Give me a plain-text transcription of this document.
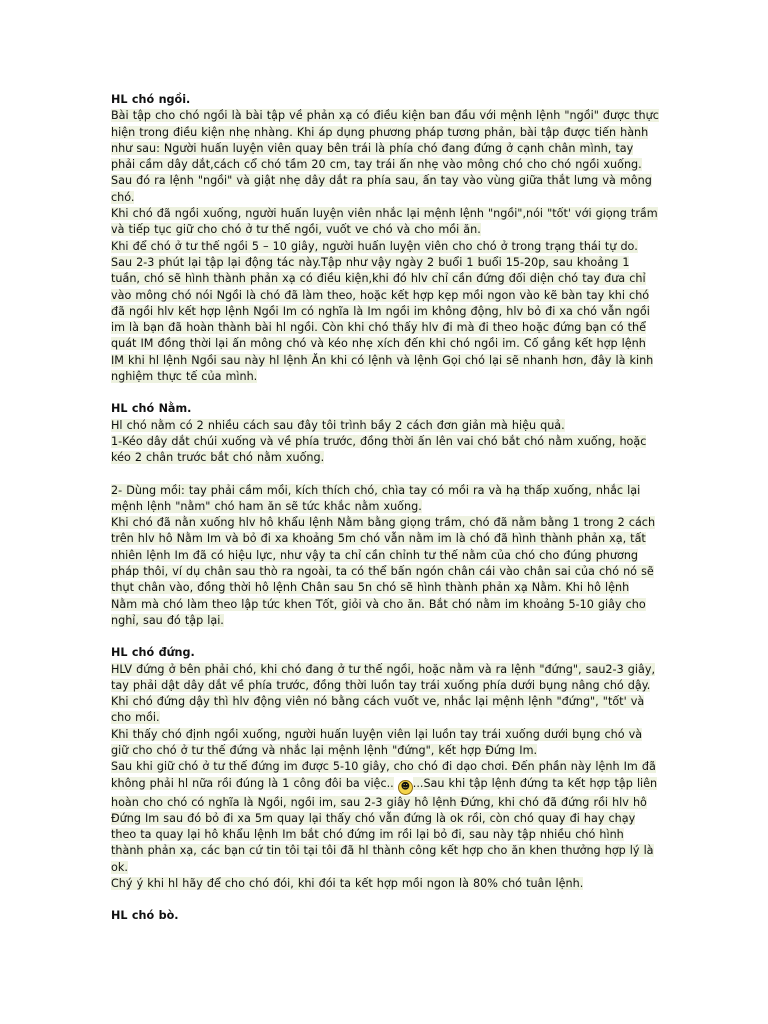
HL chó ngồi.
Bài tập cho chó ngồi là bài tập về phản xạ có điều kiện ban đầu với mệnh lệnh "ngồi" được thực hiện trong điều kiện nhẹ nhàng. Khi áp dụng phương pháp tương phản, bài tập được tiến hành như sau: Người huấn luyện viên quay bên trái là phía chó đang đứng ở cạnh chân mình, tay phải cầm dây dắt,cách cổ chó tầm 20 cm, tay trái ấn nhẹ vào mông chó cho chó ngồi xuống. Sau đó ra lệnh "ngồi" và giật nhẹ dây dắt ra phía sau, ấn tay vào vùng giữa thắt lưng và mông chó.
Khi chó đã ngồi xuống, người huấn luyện viên nhắc lại mệnh lệnh "ngồi",nói "tốt' với giọng trầm và tiếp tục giữ cho chó ở tư thế ngồi, vuốt ve chó và cho mồi ăn.
Khi để chó ở tư thế ngồi 5 – 10 giây, người huấn luyện viên cho chó ở trong trạng thái tự do. Sau 2-3 phút lại tập lại động tác này.Tập như vậy ngày 2 buổi 1 buổi 15-20p, sau khoảng 1 tuần, chó sẽ hình thành phản xạ có điều kiện,khi đó hlv chỉ cần đứng đối diện chó tay đưa chỉ vào mông chó nói Ngồi là chó đã làm theo, hoặc kết hợp kẹp mồi ngon vào kẽ bàn tay khi chó đã ngồi hlv kết hợp lệnh Ngồi Im có nghĩa là Im ngồi im không động, hlv bỏ đi xa chó vẫn ngồi im là bạn đã hoàn thành bài hl ngồi. Còn khi chó thấy hlv đi mà đi theo hoặc đứng bạn có thể quát IM đồng thời lại ấn mông chó và kéo nhẹ xích đến khi chó ngồi im. Cố gắng kết hợp lệnh IM khi hl lệnh Ngồi sau này hl lệnh Ăn khi có lệnh và lệnh Gọi chó lại sẽ nhanh hơn, đây là kinh nghiệm thực tế của mình.
HL chó Nằm.
Hl chó nằm có 2 nhiều cách sau đây tôi trình bầy 2 cách đơn giản mà hiệu quả.
1-Kéo dây dắt chúi xuống và về phía trước, đồng thời ấn lên vai chó bắt chó nằm xuống, hoặc kéo 2 chân trước bắt chó nằm xuống.
2- Dùng mồi: tay phải cầm mồi, kích thích chó, chìa tay có mồi ra và hạ thấp xuống, nhắc lại mệnh lệnh "nằm" chó ham ăn sẽ tức khắc nằm xuống.
Khi chó đã nằn xuống hlv hô khẩu lệnh Nằm bằng giọng trầm, chó đã nằm bằng 1 trong 2 cách trên hlv hô Nằm Im và bỏ đi xa khoảng 5m chó vẫn nằm im là chó đã hình thành phản xạ, tất nhiên lệnh Im đã có hiệu lực, như vậy ta chỉ cần chỉnh tư thế nằm của chó cho đúng phương pháp thôi, ví dụ chân sau thò ra ngoài, ta có thể bấn ngón chân cái vào chân sai của chó nó sẽ thụt chân vào, đồng thời hô lệnh Chân sau 5n chó sẽ hình thành phản xạ Nằm. Khi hô lệnh Nằm mà chó làm theo lập tức khen Tốt, giỏi và cho ăn. Bắt chó nằm im khoảng 5-10 giây cho nghỉ, sau đó tập lại.
HL chó đứng.
HLV đứng ở bên phải chó, khi chó đang ở tư thế ngồi, hoặc nằm và ra lệnh "đứng", sau2-3 giây, tay phải dật dây dắt về phía trước, đồng thời luồn tay trái xuống phía dưới bụng nâng chó dậy. Khi chó đứng dậy thì hlv động viên nó bằng cách vuốt ve, nhắc lại mệnh lệnh "đứng", "tốt' và cho mồi.
Khi thấy chó định ngồi xuống, người huấn luyện viên lại luồn tay trái xuống dưới bụng chó và giữ cho chó ở tư thế đứng và nhắc lại mệnh lệnh "đứng", kết hợp Đứng Im.
Sau khi giữ chó ở tư thế đứng im được 5-10 giây, cho chó đi dạo chơi. Đến phần này lệnh Im đã không phải hl nữa rồi đúng là 1 công đôi ba việc.. ☻ ...Sau khi tập lệnh đứng ta kết hợp tập liên hoàn cho chó có nghĩa là Ngồi, ngồi im, sau 2-3 giây hô lệnh Đứng, khi chó đã đứng rồi hlv hô Đứng Im sau đó bỏ đi xa 5m quay lại thấy chó vẫn đứng là ok rồi, còn chó quay đi hay chạy theo ta quay lại hô khẩu lệnh Im bắt chó đứng im rồi lại bỏ đi, sau này tập nhiều chó hình thành phản xạ, các bạn cứ tin tôi tại tôi đã hl thành công kết hợp cho ăn khen thưởng hợp lý là ok.
Chý ý khi hl hãy để cho chó đói, khi đói ta kết hợp mồi ngon là 80% chó tuân lệnh.
HL chó bò.
